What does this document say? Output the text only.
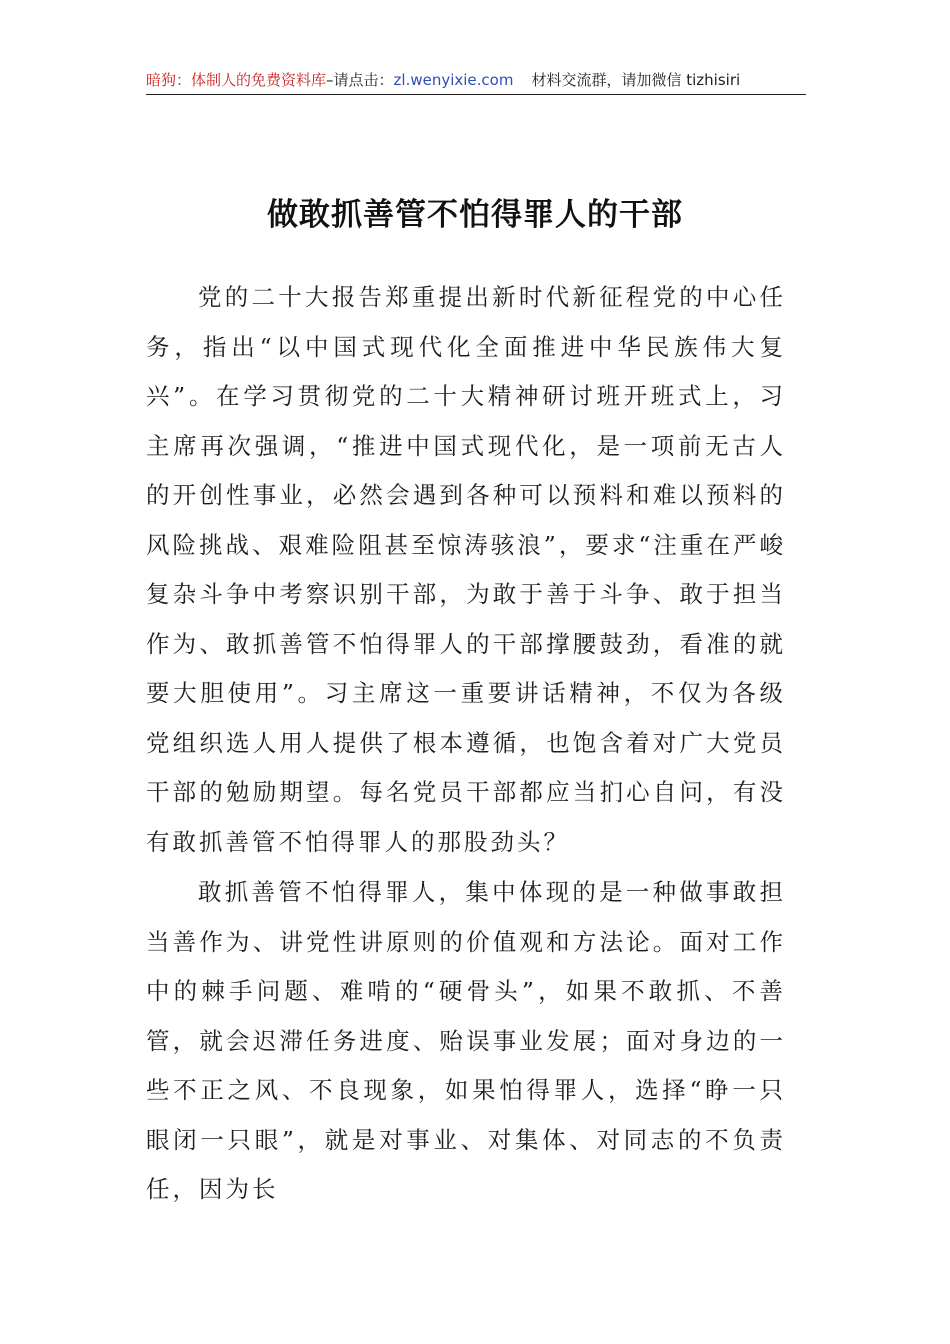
暗狗：体制人的免费资料库–请点击：zl.wenyixie.com 材料交流群，请加微信 tizhisiri
做敢抓善管不怕得罪人的干部

党的二十大报告郑重提出新时代新征程党的中心任务，指出“以中国式现代化全面推进中华民族伟大复兴”。在学习贯彻党的二十大精神研讨班开班式上，习主席再次强调，“推进中国式现代化，是一项前无古人的开创性事业，必然会遇到各种可以预料和难以预料的风险挑战、艰难险阻甚至惊涛骇浪”，要求“注重在严峻复杂斗争中考察识别干部，为敢于善于斗争、敢于担当作为、敢抓善管不怕得罪人的干部撑腰鼓劲，看准的就要大胆使用”。习主席这一重要讲话精神，不仅为各级党组织选人用人提供了根本遵循，也饱含着对广大党员干部的勉励期望。每名党员干部都应当扪心自问，有没有敢抓善管不怕得罪人的那股劲头？

敢抓善管不怕得罪人，集中体现的是一种做事敢担当善作为、讲党性讲原则的价值观和方法论。面对工作中的棘手问题、难啃的“硬骨头”，如果不敢抓、不善管，就会迟滞任务进度、贻误事业发展；面对身边的一些不正之风、不良现象，如果怕得罪人，选择“睁一只眼闭一只眼”，就是对事业、对集体、对同志的不负责任，因为长
